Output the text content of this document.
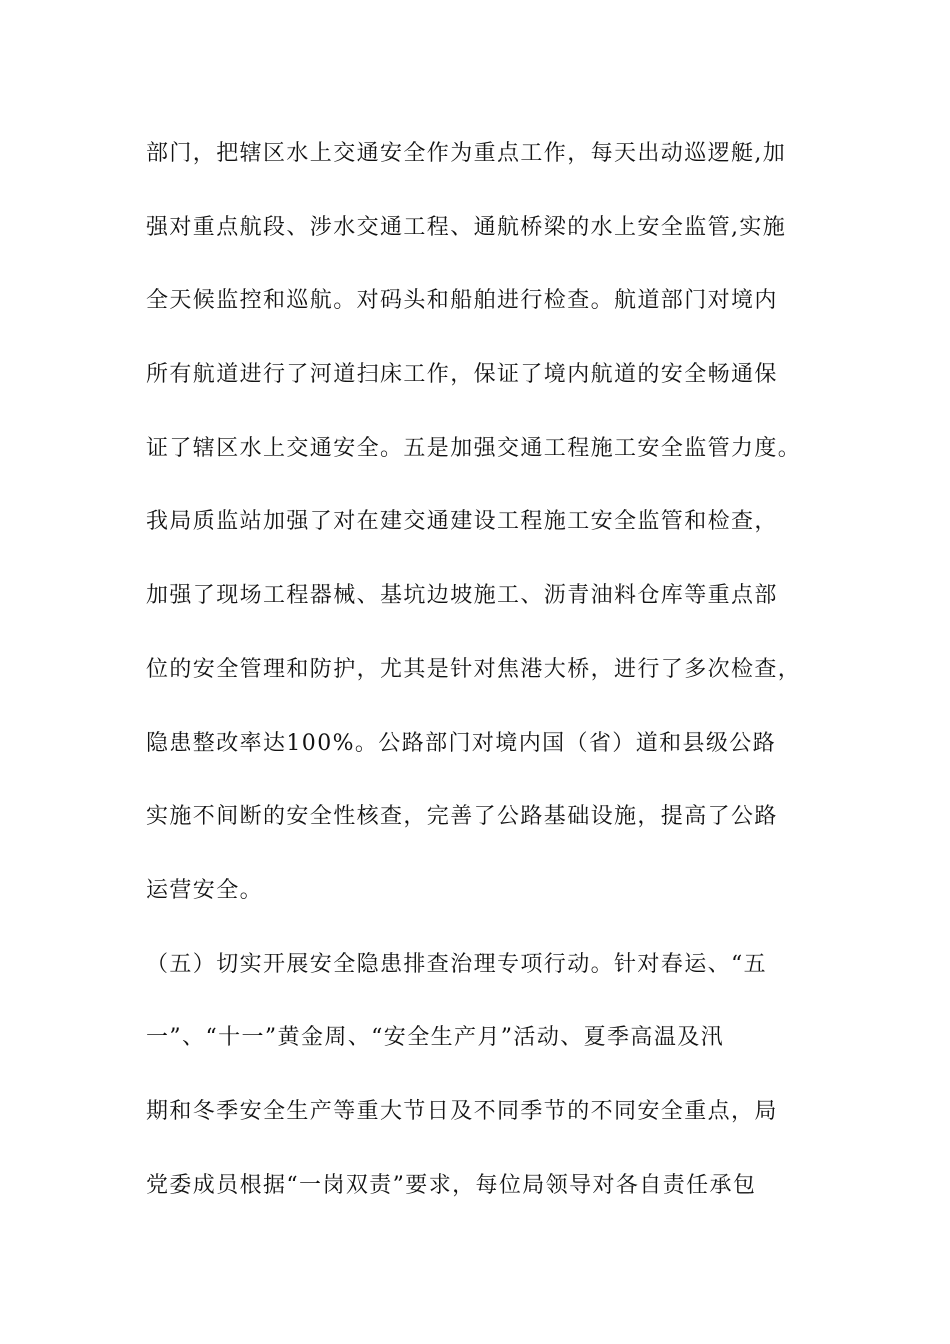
部门，把辖区水上交通安全作为重点工作，每天出动巡逻艇,加
强对重点航段、涉水交通工程、通航桥梁的水上安全监管,实施
全天候监控和巡航。对码头和船舶进行检查。航道部门对境内
所有航道进行了河道扫床工作，保证了境内航道的安全畅通保
证了辖区水上交通安全。五是加强交通工程施工安全监管力度。
我局质监站加强了对在建交通建设工程施工安全监管和检查，
加强了现场工程器械、基坑边坡施工、沥青油料仓库等重点部
位的安全管理和防护，尤其是针对焦港大桥，进行了多次检查，
隐患整改率达100%。公路部门对境内国（省）道和县级公路
实施不间断的安全性核查，完善了公路基础设施，提高了公路
运营安全。
（五）切实开展安全隐患排查治理专项行动。针对春运、“五
一”、“十一”黄金周、“安全生产月”活动、夏季高温及汛
期和冬季安全生产等重大节日及不同季节的不同安全重点，局
党委成员根据“一岗双责”要求，每位局领导对各自责任承包
